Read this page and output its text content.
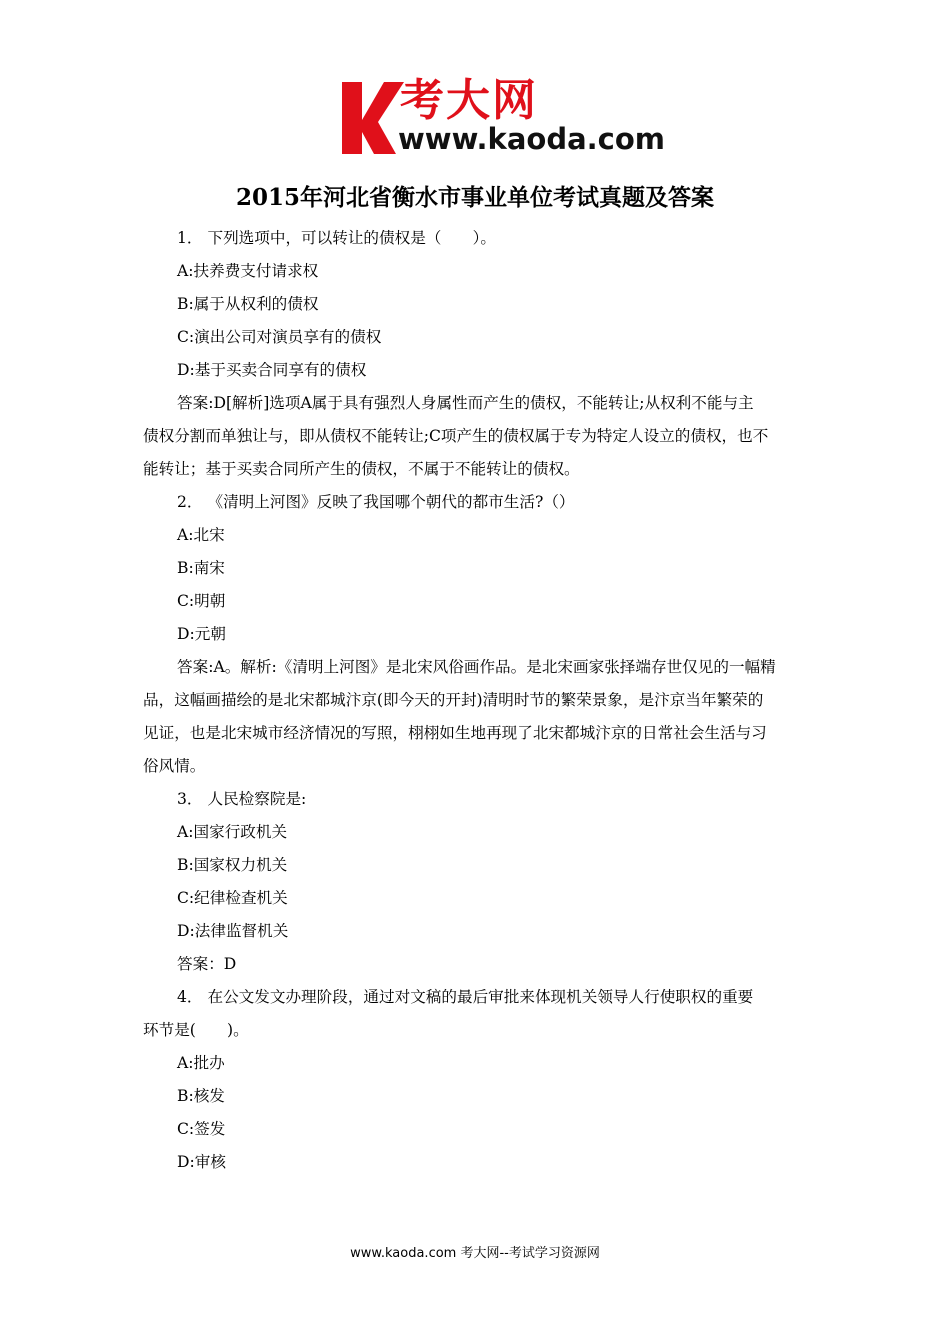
考大网
www.kaoda.com
2015年河北省衡水市事业单位考试真题及答案
1． 下列选项中，可以转让的债权是（　　）。
A:扶养费支付请求权
B:属于从权利的债权
C:演出公司对演员享有的债权
D:基于买卖合同享有的债权
答案:D[解析]选项A属于具有强烈人身属性而产生的债权，不能转让;从权利不能与主
债权分割而单独让与，即从债权不能转让;C项产生的债权属于专为特定人设立的债权，也不
能转让；基于买卖合同所产生的债权，不属于不能转让的债权。
2． 《清明上河图》反映了我国哪个朝代的都市生活?（）
A:北宋
B:南宋
C:明朝
D:元朝
答案:A。解析:《清明上河图》是北宋风俗画作品。是北宋画家张择端存世仅见的一幅精
品，这幅画描绘的是北宋都城汴京(即今天的开封)清明时节的繁荣景象，是汴京当年繁荣的
见证，也是北宋城市经济情况的写照，栩栩如生地再现了北宋都城汴京的日常社会生活与习
俗风情。
3． 人民检察院是:
A:国家行政机关
B:国家权力机关
C:纪律检查机关
D:法律监督机关
答案：D
4． 在公文发文办理阶段，通过对文稿的最后审批来体现机关领导人行使职权的重要
环节是(　　)。
A:批办
B:核发
C:签发
D:审核
www.kaoda.com 考大网--考试学习资源网
